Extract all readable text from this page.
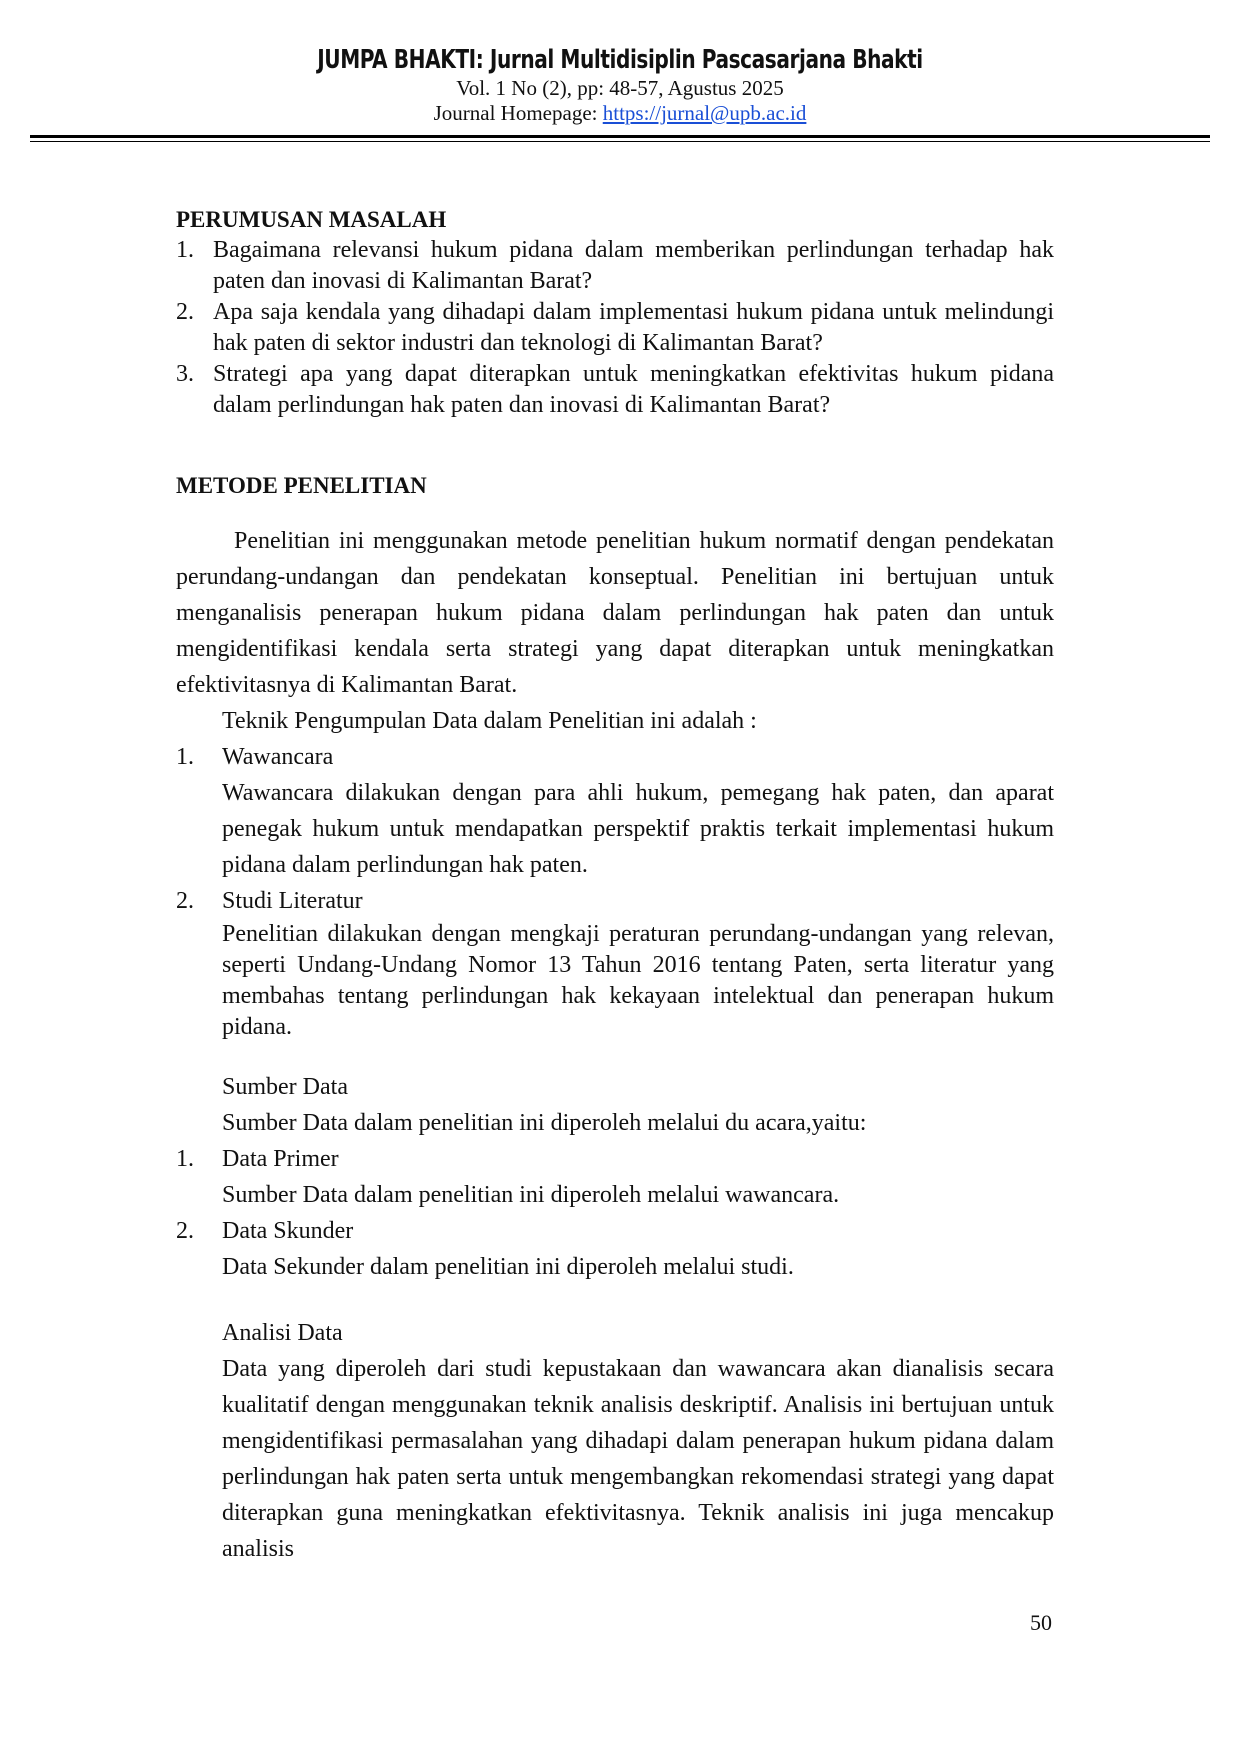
JUMPA BHAKTI: Jurnal Multidisiplin Pascasarjana Bhakti
Vol. 1 No (2), pp: 48-57, Agustus 2025
Journal Homepage: https://jurnal@upb.ac.id
PERUMUSAN MASALAH
1. Bagaimana relevansi hukum pidana dalam memberikan perlindungan terhadap hak paten dan inovasi di Kalimantan Barat?
2. Apa saja kendala yang dihadapi dalam implementasi hukum pidana untuk melindungi hak paten di sektor industri dan teknologi di Kalimantan Barat?
3. Strategi apa yang dapat diterapkan untuk meningkatkan efektivitas hukum pidana dalam perlindungan hak paten dan inovasi di Kalimantan Barat?
METODE PENELITIAN

Penelitian ini menggunakan metode penelitian hukum normatif dengan pendekatan perundang-undangan dan pendekatan konseptual. Penelitian ini bertujuan untuk menganalisis penerapan hukum pidana dalam perlindungan hak paten dan untuk mengidentifikasi kendala serta strategi yang dapat diterapkan untuk meningkatkan efektivitasnya di Kalimantan Barat.

Teknik Pengumpulan Data dalam Penelitian ini adalah :

1. Wawancara

Wawancara dilakukan dengan para ahli hukum, pemegang hak paten, dan aparat penegak hukum untuk mendapatkan perspektif praktis terkait implementasi hukum pidana dalam perlindungan hak paten.

2. Studi Literatur

Penelitian dilakukan dengan mengkaji peraturan perundang-undangan yang relevan, seperti Undang-Undang Nomor 13 Tahun 2016 tentang Paten, serta literatur yang membahas tentang perlindungan hak kekayaan intelektual dan penerapan hukum pidana.

Sumber Data

Sumber Data dalam penelitian ini diperoleh melalui du acara,yaitu:

1. Data Primer

Sumber Data dalam penelitian ini diperoleh melalui wawancara.

2. Data Skunder

Data Sekunder dalam penelitian ini diperoleh melalui studi.

Analisi Data

Data yang diperoleh dari studi kepustakaan dan wawancara akan dianalisis secara kualitatif dengan menggunakan teknik analisis deskriptif. Analisis ini bertujuan untuk mengidentifikasi permasalahan yang dihadapi dalam penerapan hukum pidana dalam perlindungan hak paten serta untuk mengembangkan rekomendasi strategi yang dapat diterapkan guna meningkatkan efektivitasnya. Teknik analisis ini juga mencakup analisis

50
